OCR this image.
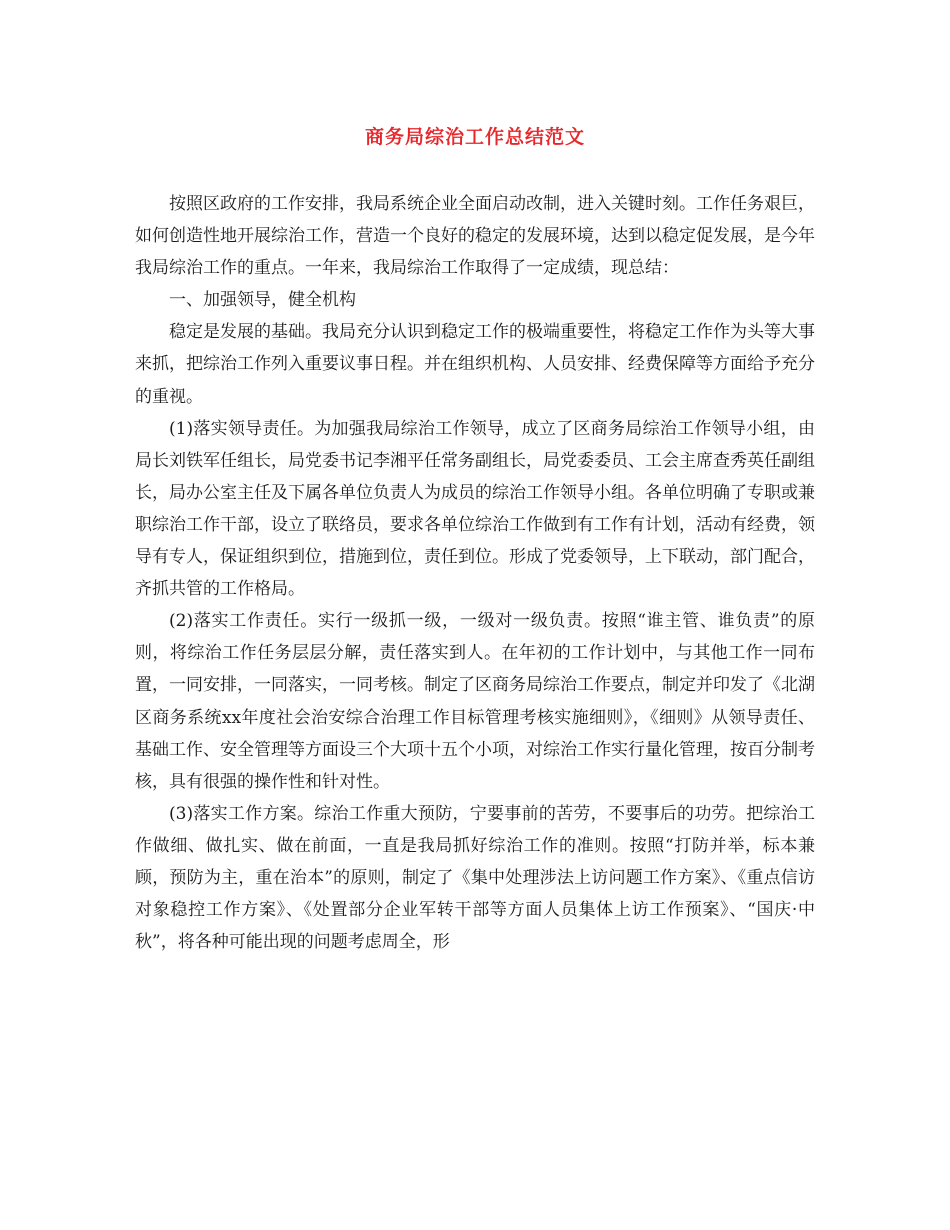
商务局综治工作总结范文

按照区政府的工作安排，我局系统企业全面启动改制，进入关键时刻。工作任务艰巨，如何创造性地开展综治工作，营造一个良好的稳定的发展环境，达到以稳定促发展，是今年我局综治工作的重点。一年来，我局综治工作取得了一定成绩，现总结：

一、加强领导，健全机构

稳定是发展的基础。我局充分认识到稳定工作的极端重要性，将稳定工作作为头等大事来抓，把综治工作列入重要议事日程。并在组织机构、人员安排、经费保障等方面给予充分的重视。

(1)落实领导责任。为加强我局综治工作领导，成立了区商务局综治工作领导小组，由局长刘铁军任组长，局党委书记李湘平任常务副组长，局党委委员、工会主席查秀英任副组长，局办公室主任及下属各单位负责人为成员的综治工作领导小组。各单位明确了专职或兼职综治工作干部，设立了联络员，要求各单位综治工作做到有工作有计划，活动有经费，领导有专人，保证组织到位，措施到位，责任到位。形成了党委领导，上下联动，部门配合，齐抓共管的工作格局。

(2)落实工作责任。实行一级抓一级，一级对一级负责。按照“谁主管、谁负责”的原则，将综治工作任务层层分解，责任落实到人。在年初的工作计划中，与其他工作一同布置，一同安排，一同落实，一同考核。制定了区商务局综治工作要点，制定并印发了《北湖区商务系统xx年度社会治安综合治理工作目标管理考核实施细则》，《细则》从领导责任、基础工作、安全管理等方面设三个大项十五个小项，对综治工作实行量化管理，按百分制考核，具有很强的操作性和针对性。

(3)落实工作方案。综治工作重大预防，宁要事前的苦劳，不要事后的功劳。把综治工作做细、做扎实、做在前面，一直是我局抓好综治工作的准则。按照“打防并举，标本兼顾，预防为主，重在治本”的原则，制定了《集中处理涉法上访问题工作方案》、《重点信访对象稳控工作方案》、《处置部分企业军转干部等方面人员集体上访工作预案》、“国庆·中秋”，将各种可能出现的问题考虑周全，形
